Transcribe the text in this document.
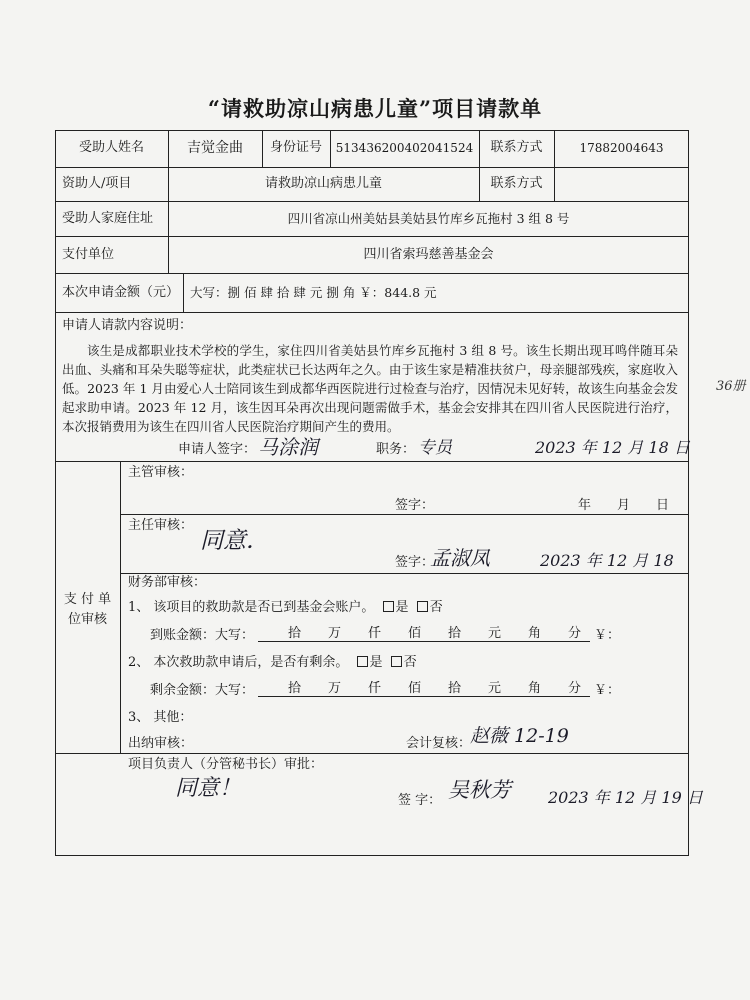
“请救助凉山病患儿童”项目请款单
受助人姓名	吉觉金曲	身份证号	513436200402041524	联系方式	17882004643
资助人/项目	请救助凉山病患儿童	联系方式
受助人家庭住址	四川省凉山州美姑县美姑县竹库乡瓦拖村 3 组 8 号
支付单位	四川省索玛慈善基金会
本次申请金额（元） 大写：捌 佰 肆 拾 肆 元 捌 角 ￥：844.8 元
申请人请款内容说明：
该生是成都职业技术学校的学生，家住四川省美姑县竹库乡瓦拖村 3 组 8 号。该生长期出现耳鸣伴随耳朵出血、头痛和耳朵失聪等症状，此类症状已长达两年之久。由于该生家是精准扶贫户，母亲腿部残疾，家庭收入低。2023 年 1 月由爱心人士陪同该生到成都华西医院进行过检查与治疗，因情况未见好转，故该生向基金会发起求助申请。2023 年 12 月，该生因耳朵再次出现问题需做手术，基金会安排其在四川省人民医院进行治疗，本次报销费用为该生在四川省人民医院治疗期间产生的费用。
申请人签字： 马涂润	职务： 专员	2023 年 12 月 18 日
36册
支 付 单
位审核
主管审核：
签字：	年　　月　　日
主任审核：
同意．
签字：
孟淑凤	2023 年 12 月 18
财务部审核：
1、 该项目的救助款是否已到基金会账户。 是 否
到账金额：大写：	拾 万 仟 佰 拾 元 角 分 ￥：
2、 本次救助款申请后，是否有剩余。 是 否
剩余金额：大写：	拾 万 仟 佰 拾 元 角 分 ￥：
3、 其他：
出纳审核：	会计复核：
赵薇 12-19
项目负责人（分管秘书长）审批：
同意！	签 字： 吴秋芳 2023 年 12 月 19 日
